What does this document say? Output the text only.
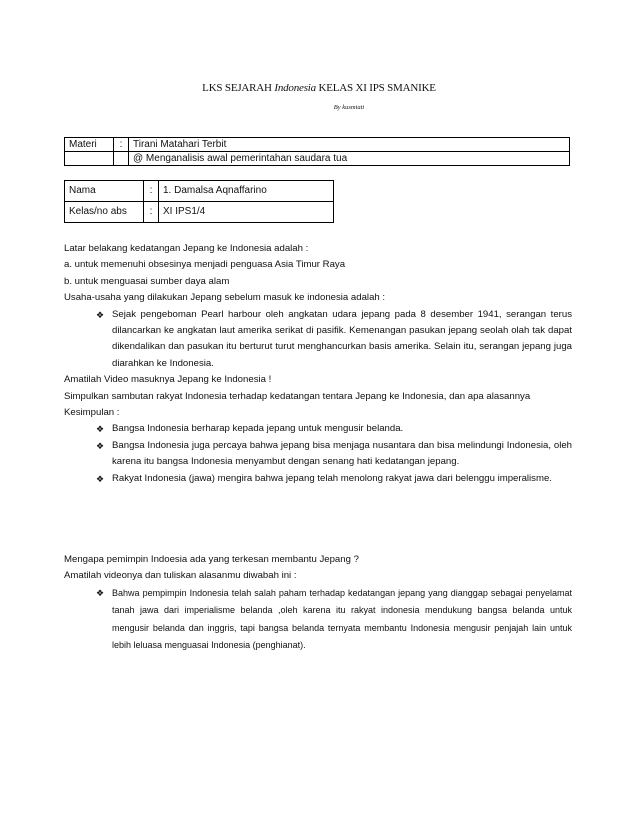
LKS SEJARAH Indonesia KELAS XI IPS SMANIKE
By kusmiati
Materi	:	Tirani Matahari Terbit
		@ Menganalisis awal pemerintahan saudara tua
Nama	:	1. Damalsa Aqnaffarino
Kelas/no abs	:	XI IPS1/4

Latar belakang kedatangan Jepang ke Indonesia adalah :

a. untuk memenuhi obsesinya menjadi penguasa Asia Timur Raya

b. untuk menguasai sumber daya alam

Usaha-usaha yang dilakukan Jepang sebelum masuk ke indonesia adalah :

❖ Sejak pengeboman Pearl harbour oleh angkatan udara jepang pada 8 desember 1941, serangan terus dilancarkan ke angkatan laut amerika serikat di pasifik. Kemenangan pasukan jepang seolah olah tak dapat dikendalikan dan pasukan itu berturut turut menghancurkan basis amerika. Selain itu, serangan jepang juga diarahkan ke Indonesia.

Amatilah Video masuknya Jepang ke Indonesia !

Simpulkan sambutan rakyat Indonesia terhadap kedatangan tentara Jepang ke Indonesia, dan apa alasannya

Kesimpulan :

❖ Bangsa Indonesia berharap kepada jepang untuk mengusir belanda.
❖ Bangsa Indonesia juga percaya bahwa jepang bisa menjaga nusantara dan bisa melindungi Indonesia, oleh karena itu bangsa Indonesia menyambut dengan senang hati kedatangan jepang.
❖ Rakyat Indonesia (jawa) mengira bahwa jepang telah menolong rakyat jawa dari belenggu imperalisme.

Mengapa pemimpin Indoesia ada yang terkesan membantu Jepang ?

Amatilah videonya dan tuliskan alasanmu diwabah ini :

❖ Bahwa pempimpin Indonesia telah salah paham terhadap kedatangan jepang yang dianggap sebagai penyelamat tanah jawa dari imperialisme belanda ,oleh karena itu rakyat indonesia mendukung bangsa belanda untuk mengusir belanda dan inggris, tapi bangsa belanda ternyata membantu Indonesia mengusir penjajah lain untuk lebih leluasa menguasai Indonesia (penghianat).
